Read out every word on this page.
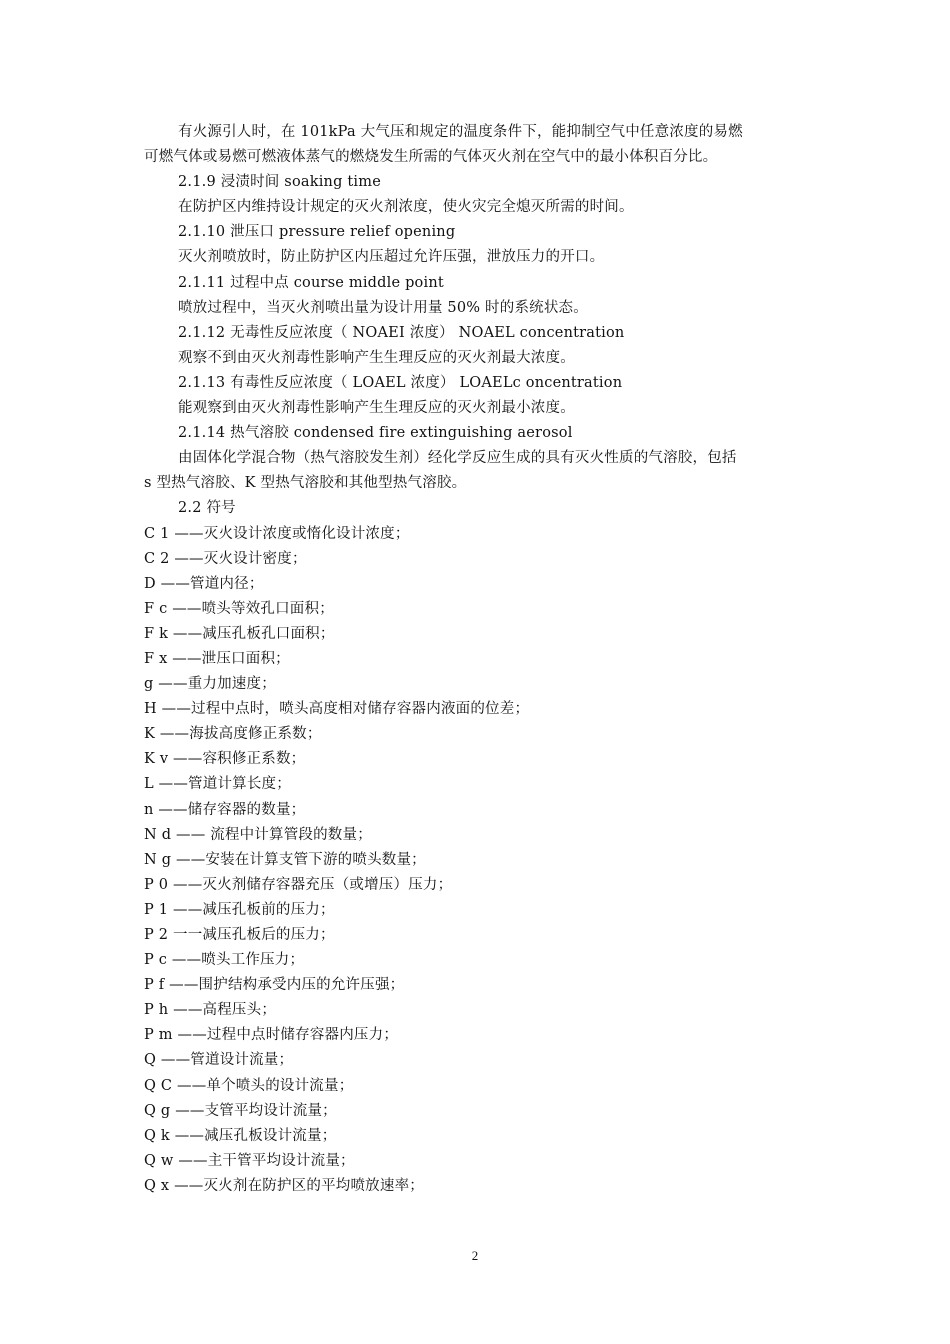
有火源引人时，在 101kPa 大气压和规定的温度条件下，能抑制空气中任意浓度的易燃
可燃气体或易燃可燃液体蒸气的燃烧发生所需的气体灭火剂在空气中的最小体积百分比。
2.1.9 浸渍时间 soaking time
在防护区内维持设计规定的灭火剂浓度，使火灾完全熄灭所需的时间。
2.1.10 泄压口 pressure relief opening
灭火剂喷放时，防止防护区内压超过允许压强，泄放压力的开口。
2.1.11 过程中点 course middle point
喷放过程中，当灭火剂喷出量为设计用量 50% 时的系统状态。
2.1.12 无毒性反应浓度（ NOAEI 浓度） NOAEL concentration
观察不到由灭火剂毒性影响产生生理反应的灭火剂最大浓度。
2.1.13 有毒性反应浓度（ LOAEL 浓度） LOAELc oncentration
能观察到由灭火剂毒性影响产生生理反应的灭火剂最小浓度。
2.1.14 热气溶胶 condensed fire extinguishing aerosol
由固体化学混合物（热气溶胶发生剂）经化学反应生成的具有灭火性质的气溶胶，包括
s 型热气溶胶、K 型热气溶胶和其他型热气溶胶。
2.2 符号
C 1 ——灭火设计浓度或惰化设计浓度；
C 2 ——灭火设计密度；
D ——管道内径；
F c ——喷头等效孔口面积；
F k ——减压孔板孔口面积；
F x ——泄压口面积；
g ——重力加速度；
H ——过程中点时，喷头高度相对储存容器内液面的位差；
K ——海拔高度修正系数；
K v ——容积修正系数；
L ——管道计算长度；
n ——储存容器的数量；
N d —— 流程中计算管段的数量；
N g ——安装在计算支管下游的喷头数量；
P 0 ——灭火剂储存容器充压（或增压）压力；
P 1 ——减压孔板前的压力；
P 2 一一减压孔板后的压力；
P c ——喷头工作压力；
P f ——围护结构承受内压的允许压强；
P h ——高程压头；
P m ——过程中点时储存容器内压力；
Q ——管道设计流量；
Q C ——单个喷头的设计流量；
Q g ——支管平均设计流量；
Q k ——减压孔板设计流量；
Q w ——主干管平均设计流量；
Q x ——灭火剂在防护区的平均喷放速率；
2
